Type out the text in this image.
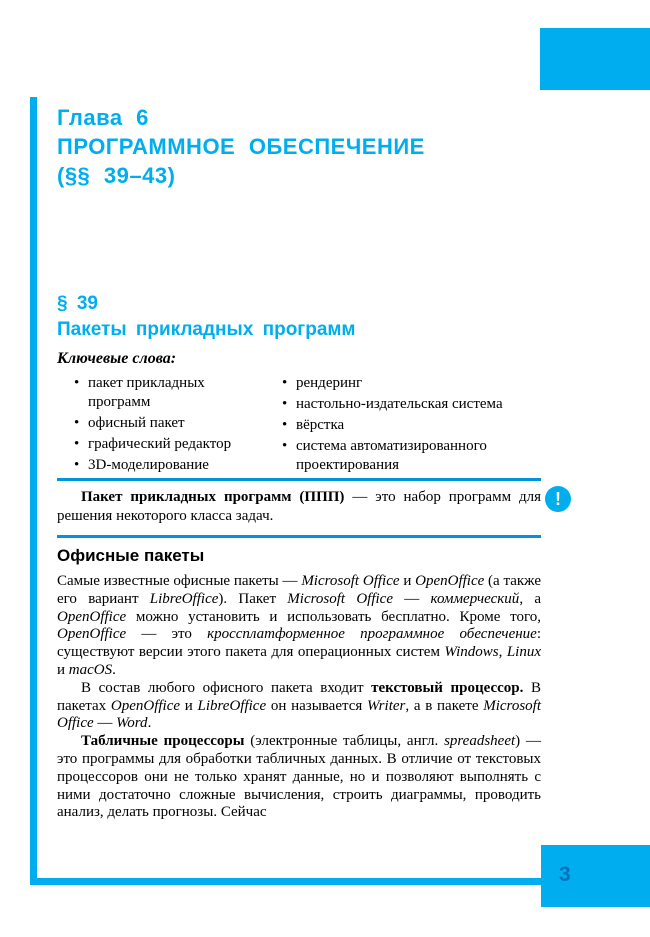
3
Глава 6
ПРОГРАММНОЕ ОБЕСПЕЧЕНИЕ
(§§ 39–43)
§ 39
Пакеты прикладных программ
Ключевые слова:
• пакет прикладных программ
• офисный пакет
• графический редактор
• 3D-моделирование
• рендеринг
• настольно-издательская система
• вёрстка
• система автоматизированного проектирования

Пакет прикладных программ (ППП) — это набор программ для решения некоторого класса задач.

!
Офисные пакеты

Самые известные офисные пакеты — Microsoft Office и OpenOffice (а также его вариант LibreOffice). Пакет Microsoft Office — коммерческий, а OpenOffice можно установить и использовать бесплатно. Кроме того, OpenOffice — это кроссплатформенное программное обеспечение: существуют версии этого пакета для операционных систем Windows, Linux и macOS.

В состав любого офисного пакета входит текстовый процессор. В пакетах OpenOffice и LibreOffice он называется Writer, а в пакете Microsoft Office — Word.

Табличные процессоры (электронные таблицы, англ. spreadsheet) — это программы для обработки табличных данных. В отличие от текстовых процессоров они не только хранят данные, но и позволяют выполнять с ними достаточно сложные вычисления, строить диаграммы, проводить анализ, делать прогнозы. Сейчас
